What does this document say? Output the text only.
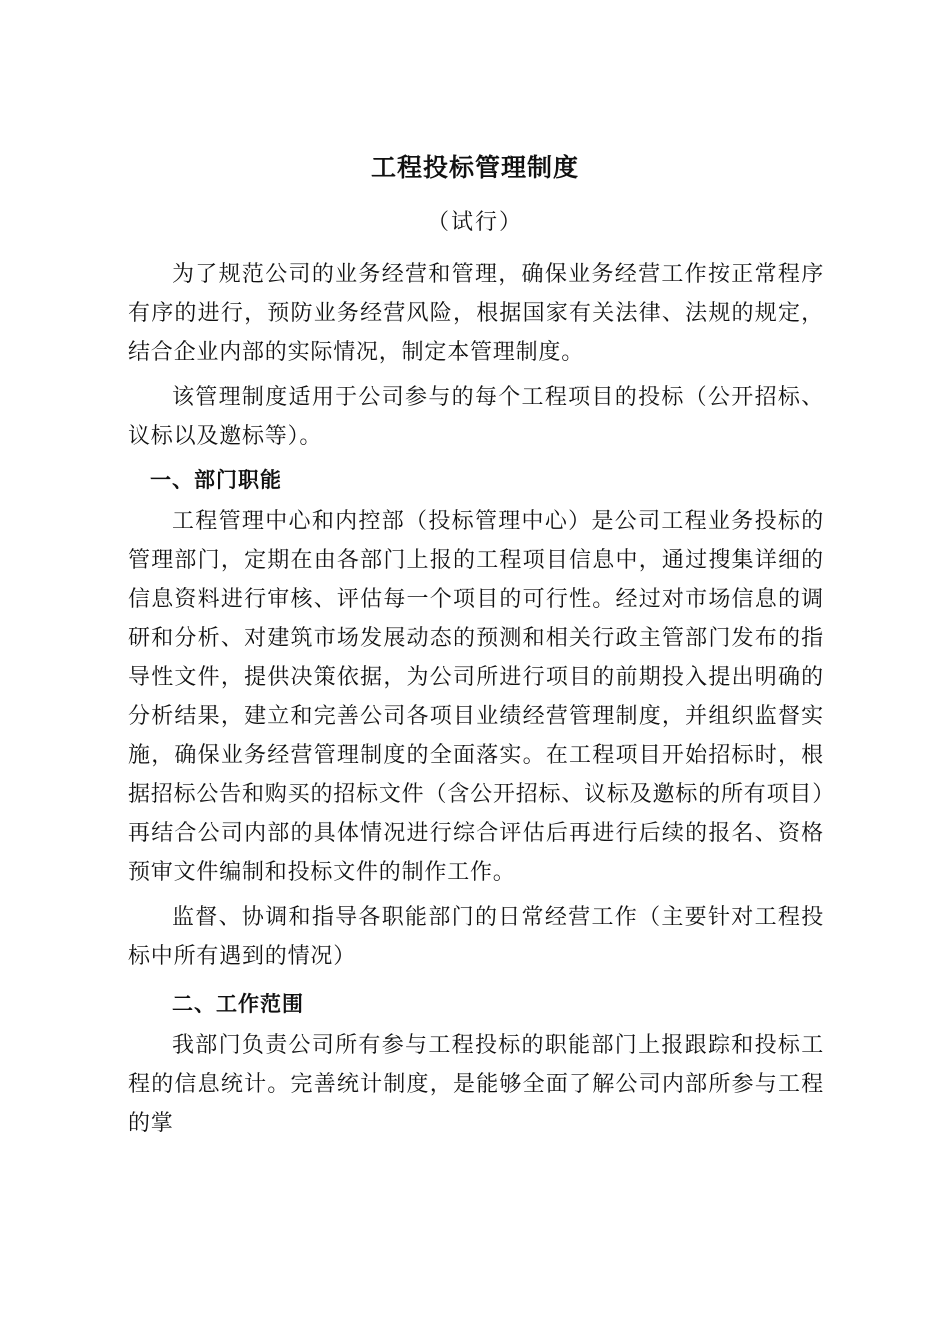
工程投标管理制度
（试行）

为了规范公司的业务经营和管理，确保业务经营工作按正常程序有序的进行，预防业务经营风险，根据国家有关法律、法规的规定，结合企业内部的实际情况，制定本管理制度。

该管理制度适用于公司参与的每个工程项目的投标（公开招标、议标以及邀标等）。

一、部门职能

工程管理中心和内控部（投标管理中心）是公司工程业务投标的管理部门，定期在由各部门上报的工程项目信息中，通过搜集详细的信息资料进行审核、评估每一个项目的可行性。经过对市场信息的调研和分析、对建筑市场发展动态的预测和相关行政主管部门发布的指导性文件，提供决策依据，为公司所进行项目的前期投入提出明确的分析结果，建立和完善公司各项目业绩经营管理制度，并组织监督实施，确保业务经营管理制度的全面落实。在工程项目开始招标时，根据招标公告和购买的招标文件（含公开招标、议标及邀标的所有项目）再结合公司内部的具体情况进行综合评估后再进行后续的报名、资格预审文件编制和投标文件的制作工作。

监督、协调和指导各职能部门的日常经营工作（主要针对工程投标中所有遇到的情况）

二、工作范围

我部门负责公司所有参与工程投标的职能部门上报跟踪和投标工程的信息统计。完善统计制度，是能够全面了解公司内部所参与工程的掌
